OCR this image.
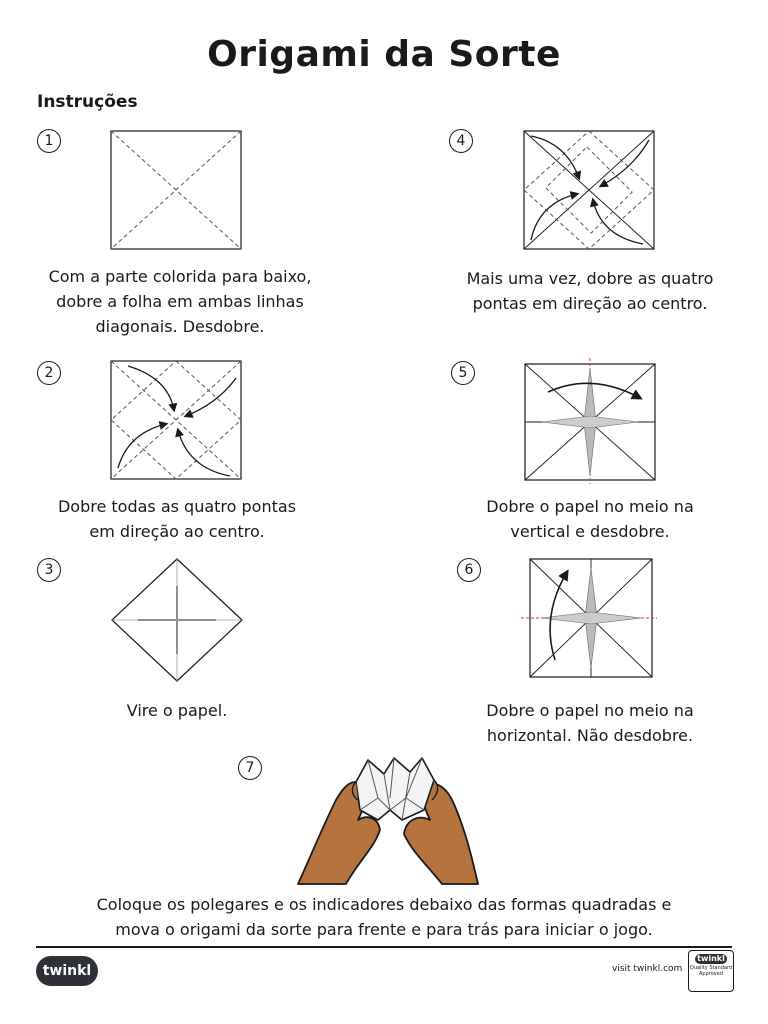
Origami da Sorte
Instruções
1
Com a parte colorida para baixo,
dobre a folha em ambas linhas
diagonais. Desdobre.
2
Dobre todas as quatro pontas
em direção ao centro.
3
Vire o papel.
4
Mais uma vez, dobre as quatro
pontas em direção ao centro.
5
Dobre o papel no meio na
vertical e desdobre.
6
Dobre o papel no meio na
horizontal. Não desdobre.
7
Coloque os polegares e os indicadores debaixo das formas quadradas e
mova o origami da sorte para frente e para trás para iniciar o jogo.
twinkl	visit twinkl.com
twinkl
Quality Standard
Approved
